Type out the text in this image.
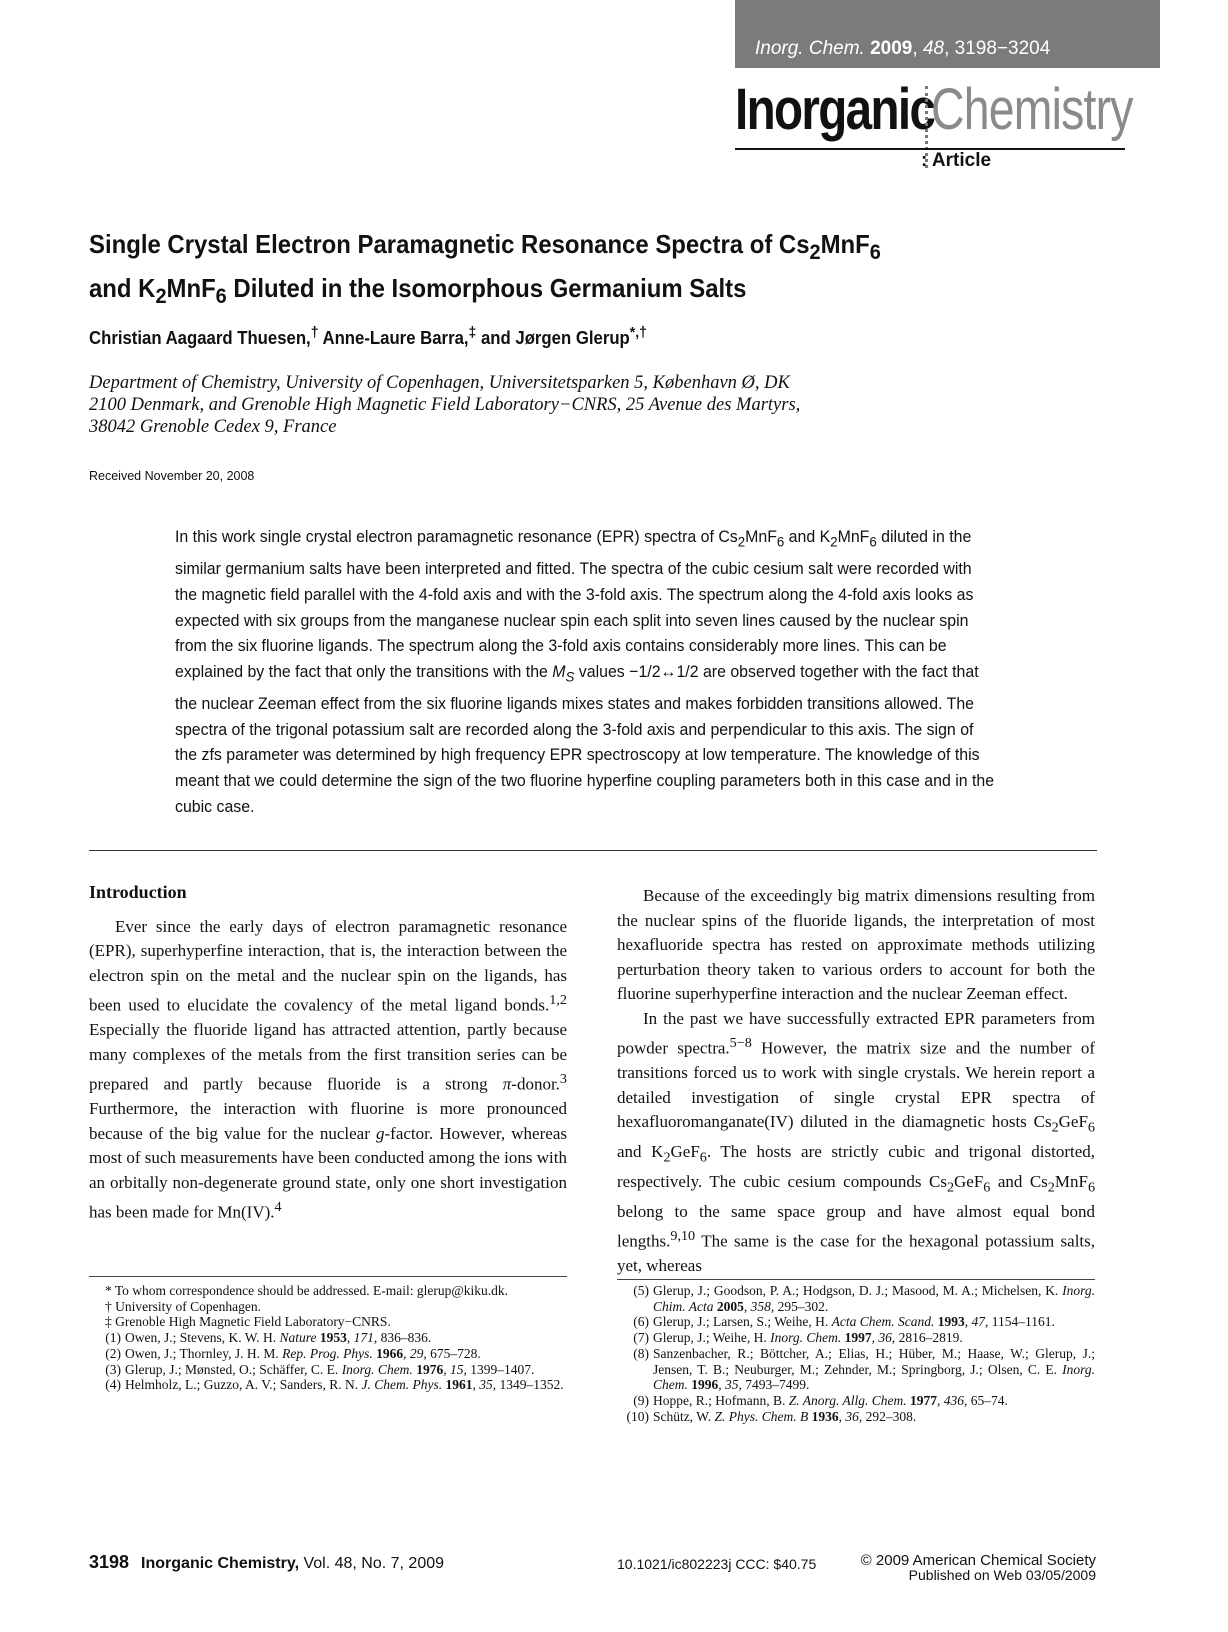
Inorg. Chem. 2009, 48, 3198−3204
Inorganic
Chemistry
: Article
Single Crystal Electron Paramagnetic Resonance Spectra of $Cs_2MnF_6$
and $K_2MnF_6$ Diluted in the Isomorphous Germanium Salts
Christian Aagaard Thuesen,† Anne-Laure Barra,‡ and Jørgen Glerup*,†
Department of Chemistry, University of Copenhagen, Universitetsparken 5, København Ø, DK
2100 Denmark, and Grenoble High Magnetic Field Laboratory−CNRS, 25 Avenue des Martyrs,
38042 Grenoble Cedex 9, France
Received November 20, 2008
In this work single crystal electron paramagnetic resonance (EPR) spectra of $Cs_2MnF_6$ and $K_2MnF_6$ diluted in the similar germanium salts have been interpreted and fitted. The spectra of the cubic cesium salt were recorded with the magnetic field parallel with the 4-fold axis and with the 3-fold axis. The spectrum along the 4-fold axis looks as expected with six groups from the manganese nuclear spin each split into seven lines caused by the nuclear spin from the six fluorine ligands. The spectrum along the 3-fold axis contains considerably more lines. This can be explained by the fact that only the transitions with the $M_S$ values −1/2↔1/2 are observed together with the fact that the nuclear Zeeman effect from the six fluorine ligands mixes states and makes forbidden transitions allowed. The spectra of the trigonal potassium salt are recorded along the 3-fold axis and perpendicular to this axis. The sign of the zfs parameter was determined by high frequency EPR spectroscopy at low temperature. The knowledge of this meant that we could determine the sign of the two fluorine hyperfine coupling parameters both in this case and in the cubic case.
Introduction

Ever since the early days of electron paramagnetic resonance (EPR), superhyperfine interaction, that is, the interaction between the electron spin on the metal and the nuclear spin on the ligands, has been used to elucidate the covalency of the metal ligand bonds.$^{1,2}$ Especially the fluoride ligand has attracted attention, partly because many complexes of the metals from the first transition series can be prepared and partly because fluoride is a strong π-donor.$^3$ Furthermore, the interaction with fluorine is more pronounced because of the big value for the nuclear g-factor. However, whereas most of such measurements have been conducted among the ions with an orbitally non-degenerate ground state, only one short investigation has been made for Mn(IV).$^4$

Because of the exceedingly big matrix dimensions resulting from the nuclear spins of the fluoride ligands, the interpretation of most hexafluoride spectra has rested on approximate methods utilizing perturbation theory taken to various orders to account for both the fluorine superhyperfine interaction and the nuclear Zeeman effect.

In the past we have successfully extracted EPR parameters from powder spectra.$^{5-8}$ However, the matrix size and the number of transitions forced us to work with single crystals. We herein report a detailed investigation of single crystal EPR spectra of hexafluoromanganate(IV) diluted in the diamagnetic hosts $Cs_2GeF_6$ and $K_2GeF_6$. The hosts are strictly cubic and trigonal distorted, respectively. The cubic cesium compounds $Cs_2GeF_6$ and $Cs_2MnF_6$ belong to the same space group and have almost equal bond lengths.$^{9,10}$ The same is the case for the hexagonal potassium salts, yet, whereas

* To whom correspondence should be addressed. E-mail: glerup@kiku.dk.
† University of Copenhagen.
‡ Grenoble High Magnetic Field Laboratory−CNRS.
(1) Owen, J.; Stevens, K. W. H. Nature 1953, 171, 836–836.
(2) Owen, J.; Thornley, J. H. M. Rep. Prog. Phys. 1966, 29, 675–728.
(3) Glerup, J.; Mønsted, O.; Schäffer, C. E. Inorg. Chem. 1976, 15, 1399–1407.
(4) Helmholz, L.; Guzzo, A. V.; Sanders, R. N. J. Chem. Phys. 1961, 35, 1349–1352.
(5) Glerup, J.; Goodson, P. A.; Hodgson, D. J.; Masood, M. A.; Michelsen, K. Inorg. Chim. Acta 2005, 358, 295–302.
(6) Glerup, J.; Larsen, S.; Weihe, H. Acta Chem. Scand. 1993, 47, 1154–1161.
(7) Glerup, J.; Weihe, H. Inorg. Chem. 1997, 36, 2816–2819.
(8) Sanzenbacher, R.; Böttcher, A.; Elias, H.; Hüber, M.; Haase, W.; Glerup, J.; Jensen, T. B.; Neuburger, M.; Zehnder, M.; Springborg, J.; Olsen, C. E. Inorg. Chem. 1996, 35, 7493–7499.
(9) Hoppe, R.; Hofmann, B. Z. Anorg. Allg. Chem. 1977, 436, 65–74.
(10) Schütz, W. Z. Phys. Chem. B 1936, 36, 292–308.
3198 Inorganic Chemistry, Vol. 48, No. 7, 2009	10.1021/ic802223j CCC: $40.75	© 2009 American Chemical Society
Published on Web 03/05/2009
